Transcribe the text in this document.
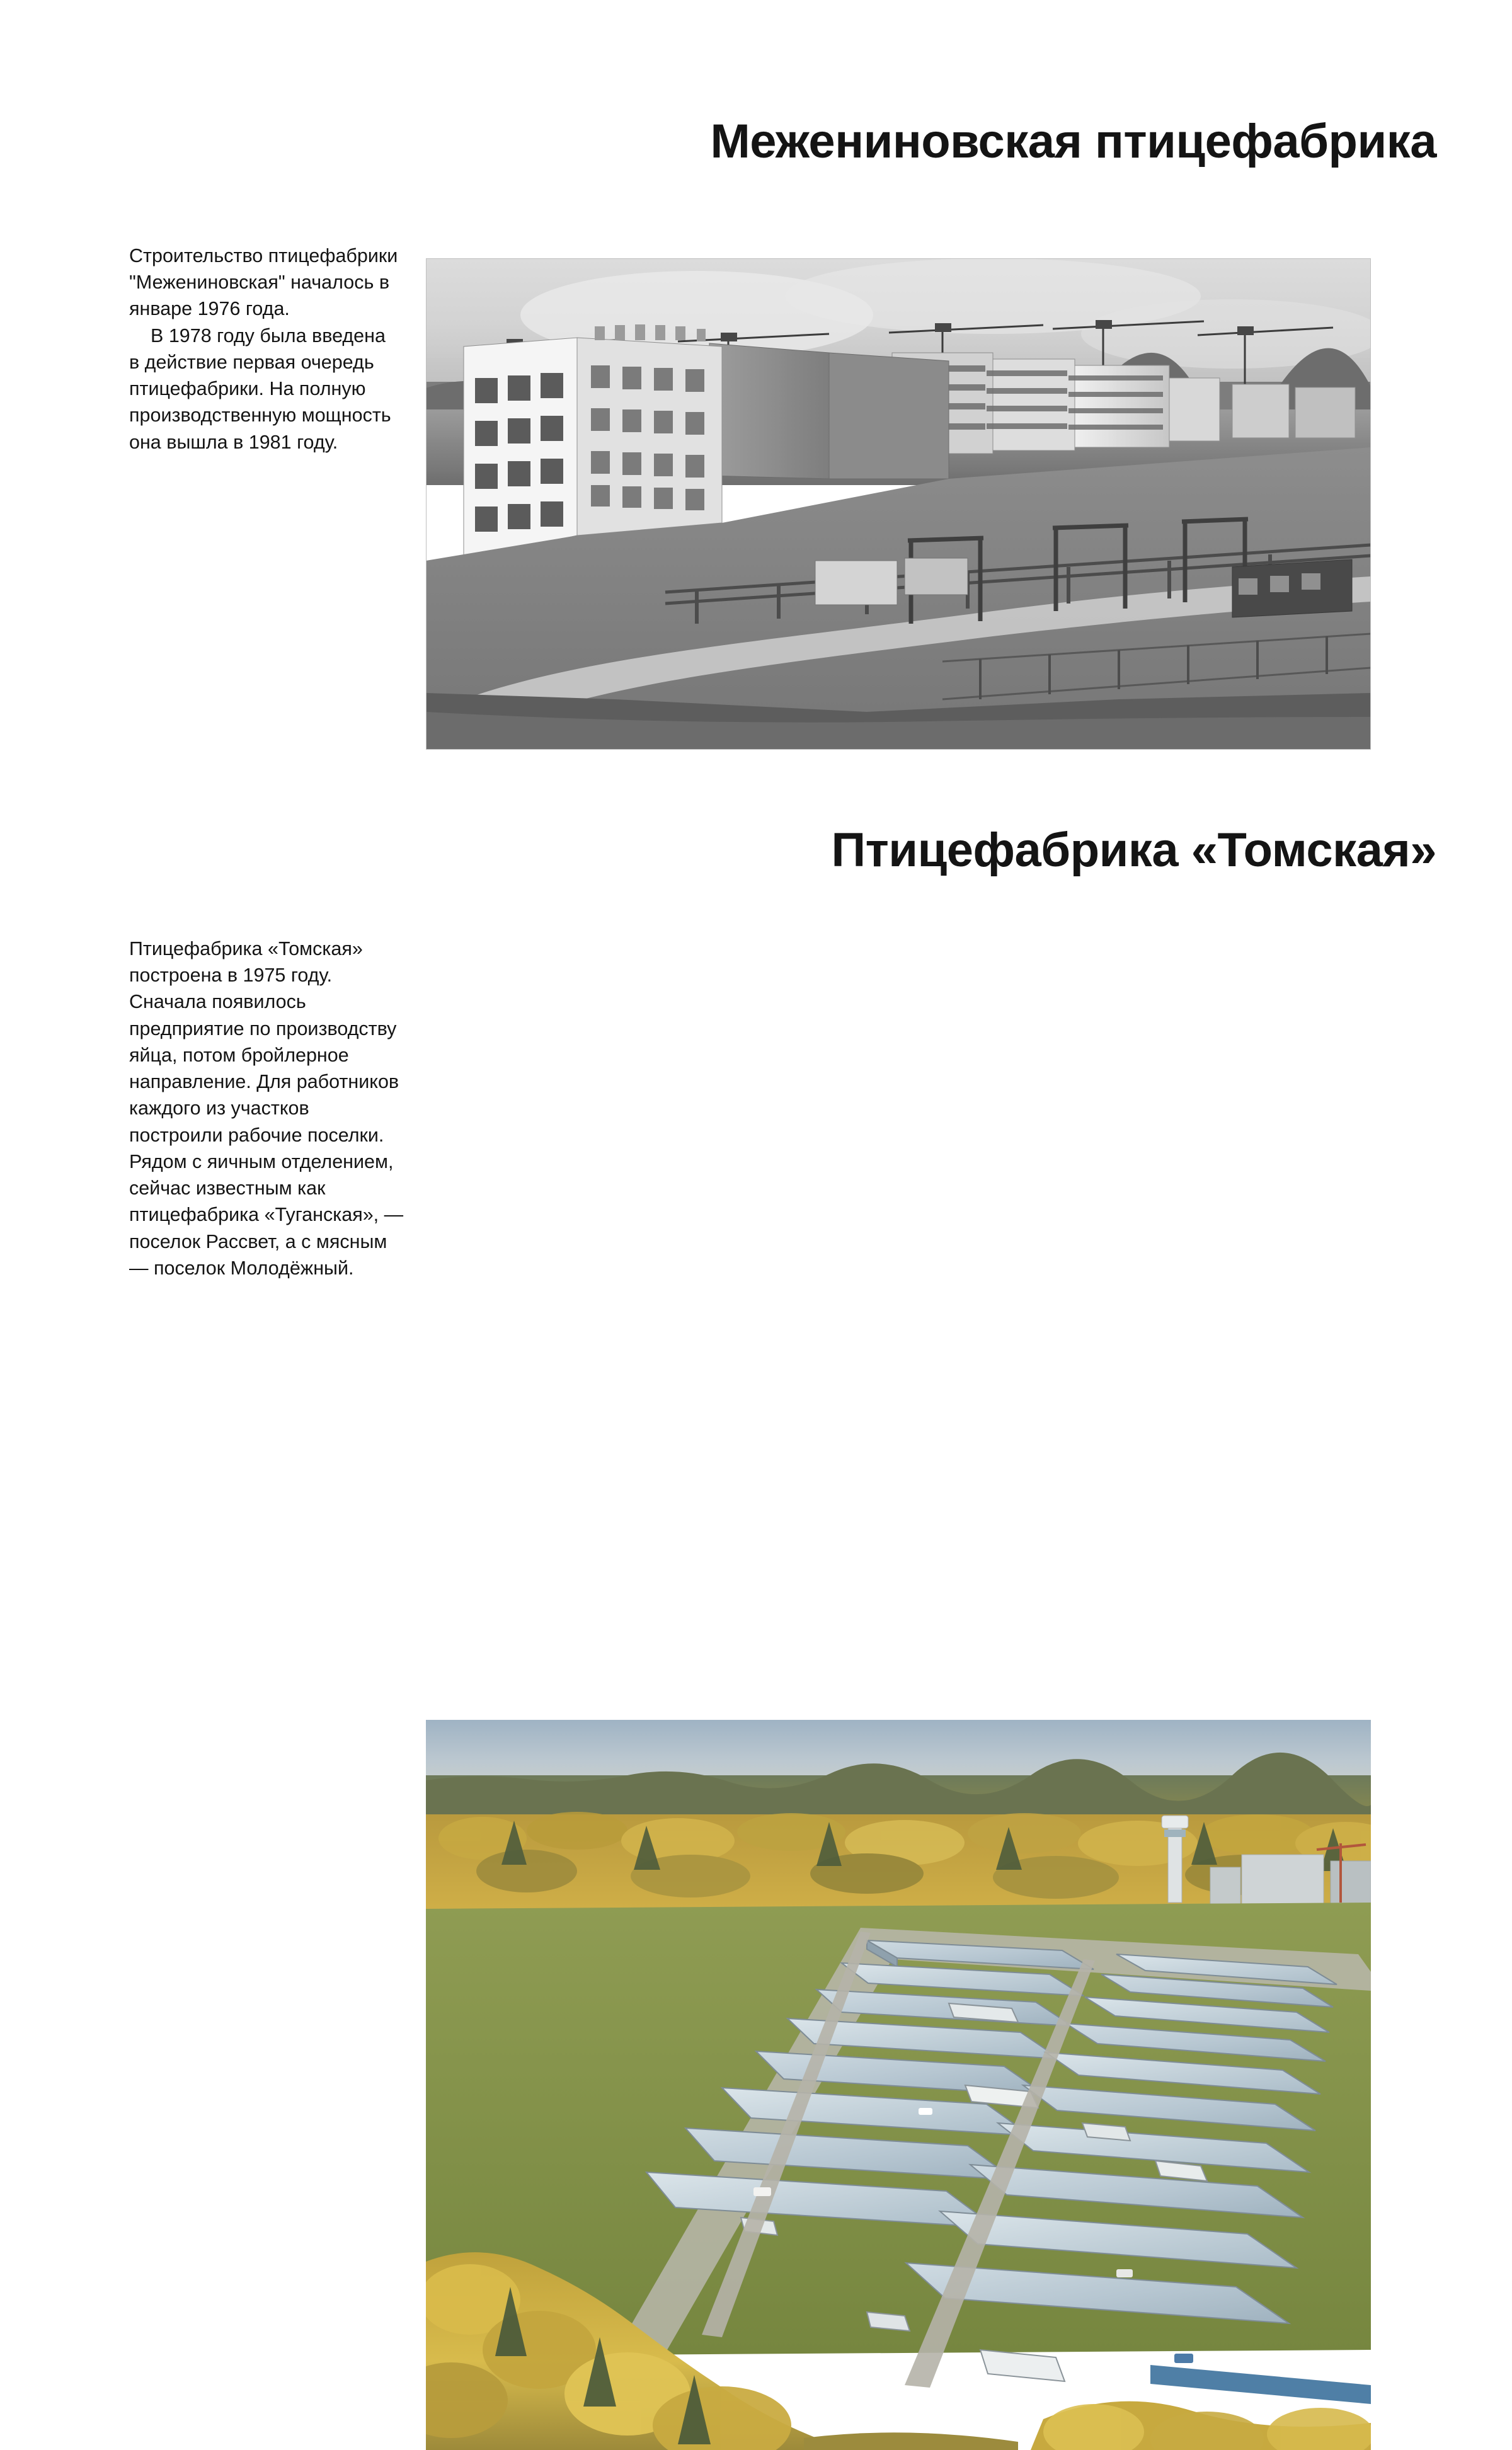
Межениновская птицефабрика

Строительство птицефабрики "Межениновская" началось в январе 1976 года.

В 1978 году была введена в действие первая очередь птицефабрики. На полную производственную мощность она вышла в 1981 году.

Птицефабрика «Томская»

Птицефабрика «Томская» построена в 1975 году. Сначала появилось предприятие по производству яйца, потом бройлерное направление. Для работников каждого из участков построили рабочие поселки. Рядом с яичным отделением, сейчас известным как птицефабрика «Туганская», — поселок Рассвет, а с мясным — поселок Молодёжный.
